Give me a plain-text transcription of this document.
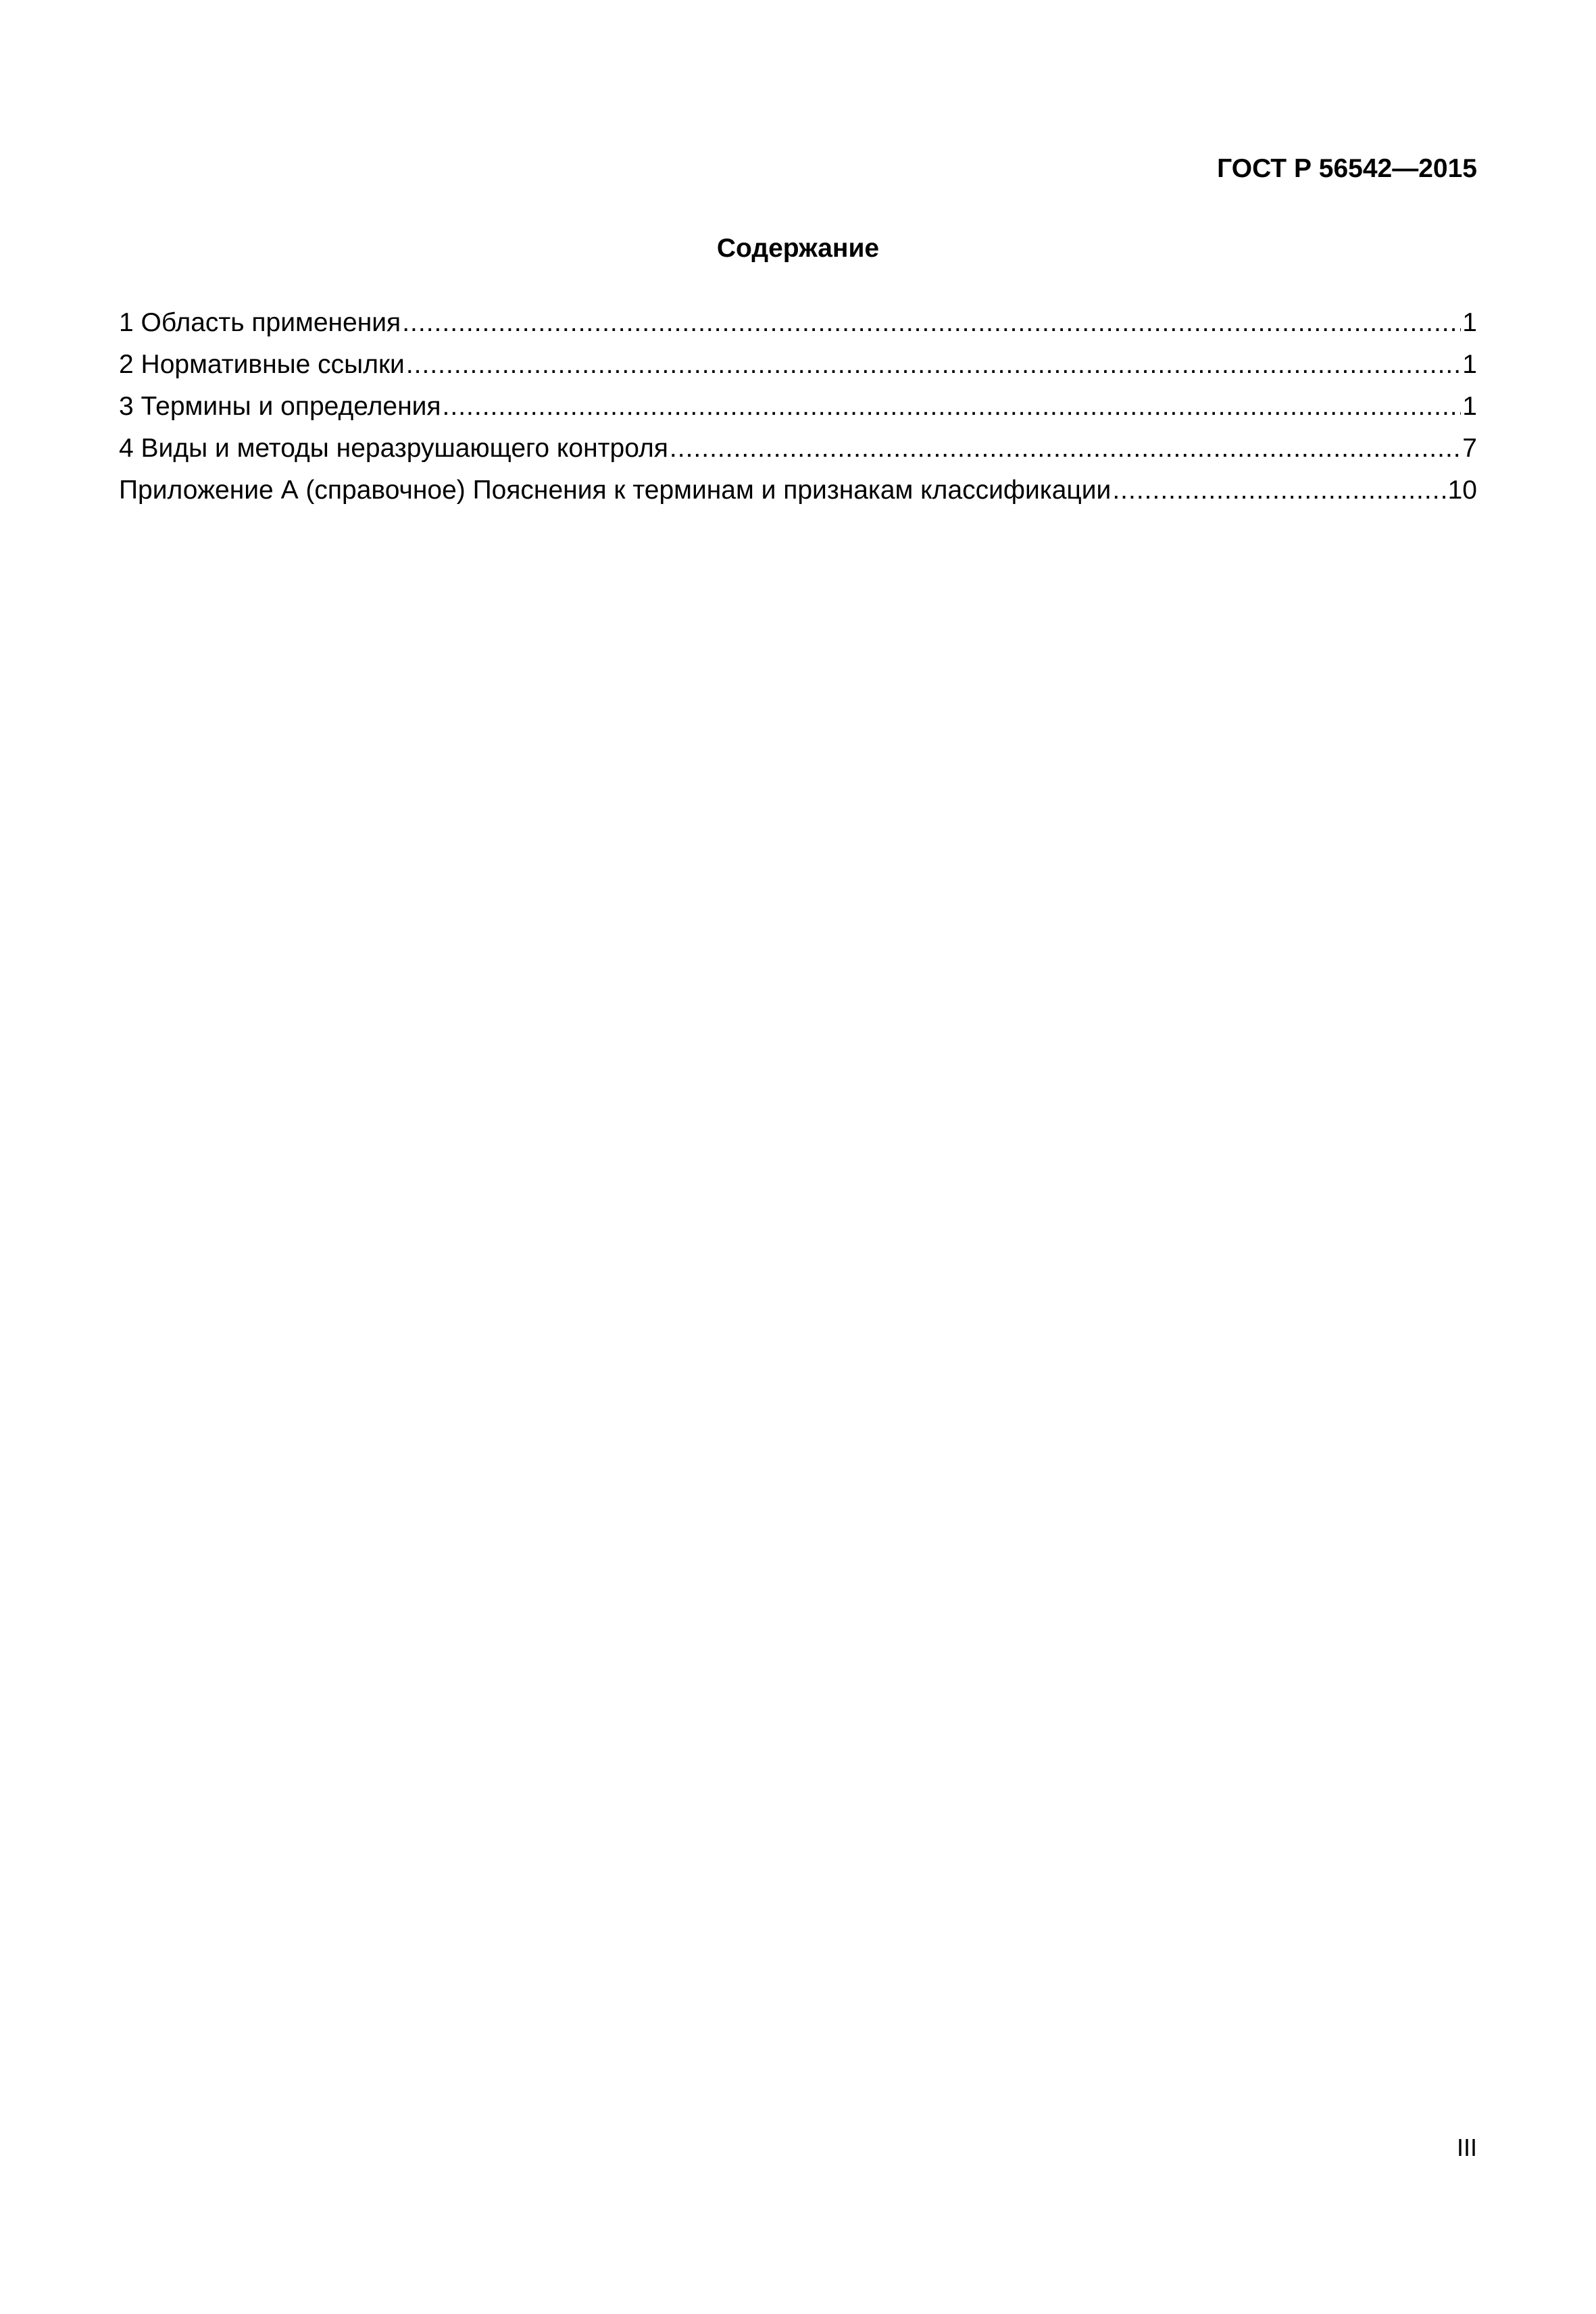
ГОСТ Р 56542—2015
Содержание
1 Область применения .....	1
2 Нормативные ссылки .....	1
3 Термины и определения .....	1
4 Виды и методы неразрушающего контроля .....	7
Приложение А (справочное) Пояснения к терминам и признакам классификации .....	10
III
